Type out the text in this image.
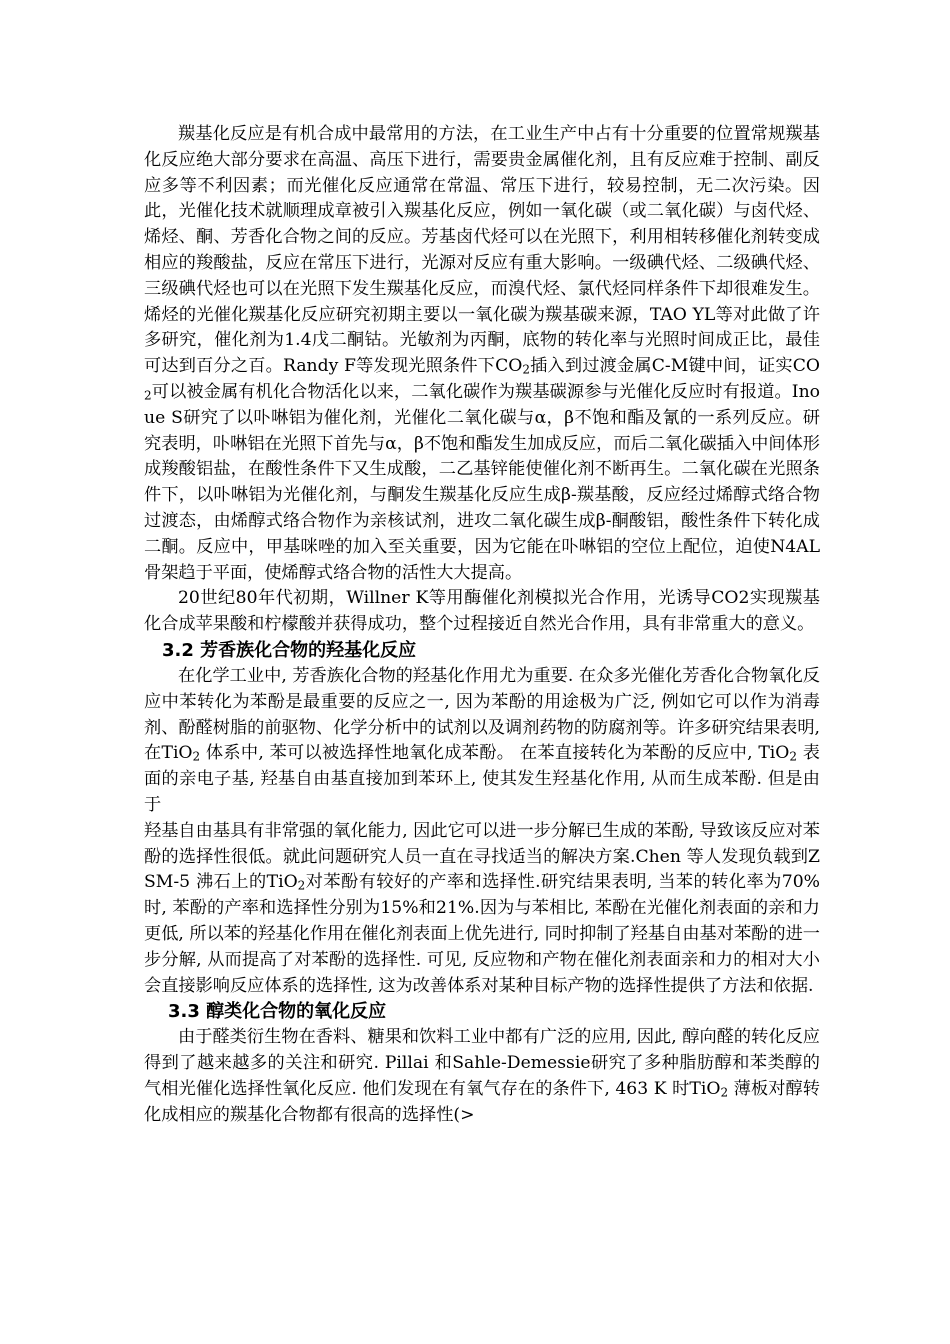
羰基化反应是有机合成中最常用的方法，在工业生产中占有十分重要的位置常规羰基化反应绝大部分要求在高温、高压下进行，需要贵金属催化剂，且有反应难于控制、副反应多等不利因素；而光催化反应通常在常温、常压下进行，较易控制，无二次污染。因此，光催化技术就顺理成章被引入羰基化反应，例如一氧化碳（或二氧化碳）与卤代烃、烯烃、酮、芳香化合物之间的反应。芳基卤代烃可以在光照下，利用相转移催化剂转变成相应的羧酸盐，反应在常压下进行，光源对反应有重大影响。一级碘代烃、二级碘代烃、三级碘代烃也可以在光照下发生羰基化反应，而溴代烃、氯代烃同样条件下却很难发生。烯烃的光催化羰基化反应研究初期主要以一氧化碳为羰基碳来源，TAO YL等对此做了许多研究，催化剂为1.4戊二酮钴。光敏剂为丙酮，底物的转化率与光照时间成正比，最佳可达到百分之百。Randy F等发现光照条件下$CO_2$插入到过渡金属C-M键中间，证实$CO_2$可以被金属有机化合物活化以来，二氧化碳作为羰基碳源参与光催化反应时有报道。Inoue S研究了以卟啉铝为催化剂，光催化二氧化碳与α，β不饱和酯及氰的一系列反应。研究表明，卟啉铝在光照下首先与α，β不饱和酯发生加成反应，而后二氧化碳插入中间体形成羧酸铝盐，在酸性条件下又生成酸，二乙基锌能使催化剂不断再生。二氧化碳在光照条件下，以卟啉铝为光催化剂，与酮发生羰基化反应生成β-羰基酸，反应经过烯醇式络合物过渡态，由烯醇式络合物作为亲核试剂，进攻二氧化碳生成β-酮酸铝，酸性条件下转化成二酮。反应中，甲基咪唑的加入至关重要，因为它能在卟啉铝的空位上配位，迫使N4AL骨架趋于平面，使烯醇式络合物的活性大大提高。

20世纪80年代初期，Willner K等用酶催化剂模拟光合作用，光诱导CO2实现羰基化合成苹果酸和柠檬酸并获得成功，整个过程接近自然光合作用，具有非常重大的意义。

3.2 芳香族化合物的羟基化反应

在化学工业中, 芳香族化合物的羟基化作用尤为重要. 在众多光催化芳香化合物氧化反应中苯转化为苯酚是最重要的反应之一, 因为苯酚的用途极为广泛, 例如它可以作为消毒剂、酚醛树脂的前驱物、化学分析中的试剂以及调剂药物的防腐剂等。许多研究结果表明, 在TiO$_2$ 体系中, 苯可以被选择性地氧化成苯酚。 在苯直接转化为苯酚的反应中, TiO$_2$ 表面的亲电子基, 羟基自由基直接加到苯环上, 使其发生羟基化作用, 从而生成苯酚. 但是由于

羟基自由基具有非常强的氧化能力, 因此它可以进一步分解已生成的苯酚, 导致该反应对苯酚的选择性很低。就此问题研究人员一直在寻找适当的解决方案.Chen 等人发现负载到ZSM-5 沸石上的TiO$_2$对苯酚有较好的产率和选择性.研究结果表明, 当苯的转化率为70%时, 苯酚的产率和选择性分别为15%和21%.因为与苯相比, 苯酚在光催化剂表面的亲和力更低, 所以苯的羟基化作用在催化剂表面上优先进行, 同时抑制了羟基自由基对苯酚的进一步分解, 从而提高了对苯酚的选择性. 可见, 反应物和产物在催化剂表面亲和力的相对大小会直接影响反应体系的选择性, 这为改善体系对某种目标产物的选择性提供了方法和依据.

3.3 醇类化合物的氧化反应

由于醛类衍生物在香料、糖果和饮料工业中都有广泛的应用, 因此, 醇向醛的转化反应得到了越来越多的关注和研究. Pillai 和Sahle-Demessie研究了多种脂肪醇和苯类醇的气相光催化选择性氧化反应. 他们发现在有氧气存在的条件下, 463 K 时TiO$_2$ 薄板对醇转化成相应的羰基化合物都有很高的选择性(>
